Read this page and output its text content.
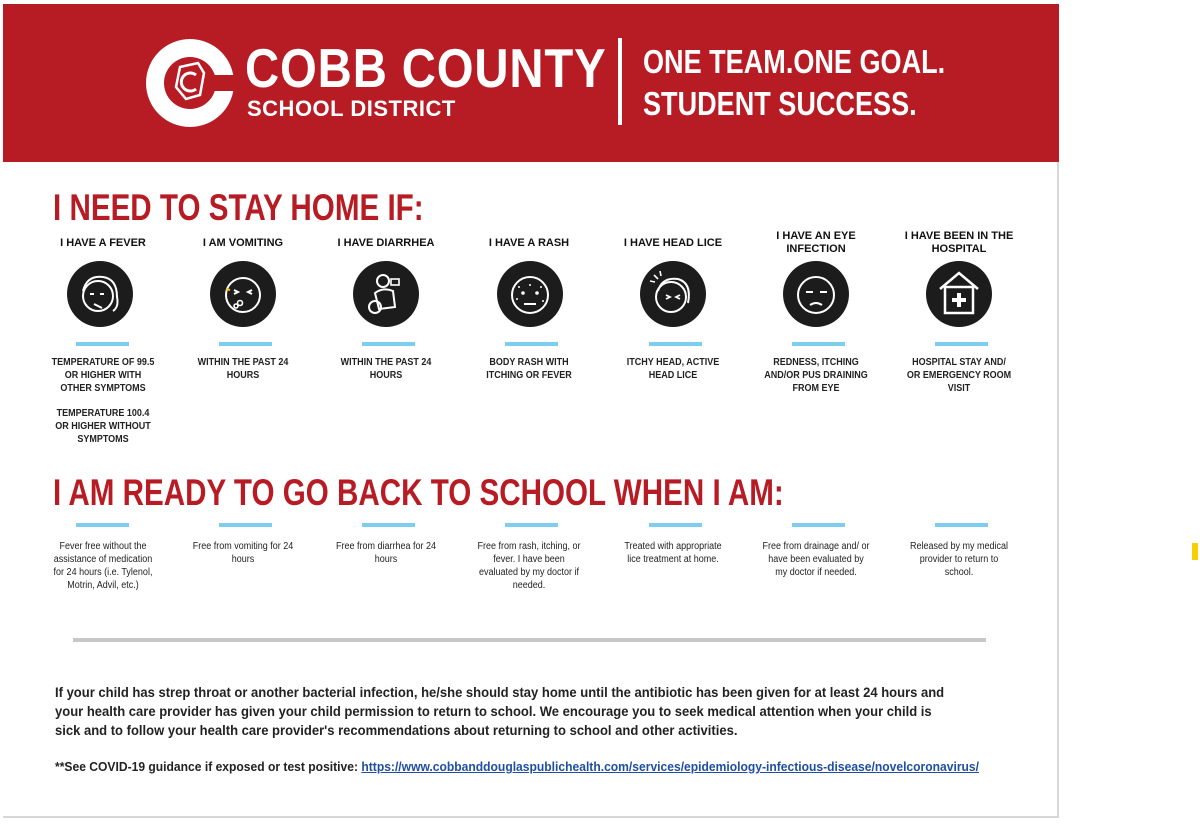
COBB COUNTY
SCHOOL DISTRICT
ONE TEAM.ONE GOAL.
STUDENT SUCCESS.
I NEED TO STAY HOME IF:
I HAVE A FEVER
TEMPERATURE OF 99.5 OR HIGHER WITH OTHER SYMPTOMS
TEMPERATURE 100.4 OR HIGHER WITHOUT SYMPTOMS
I AM VOMITING
WITHIN THE PAST 24 HOURS
I HAVE DIARRHEA
WITHIN THE PAST 24 HOURS
I HAVE A RASH
BODY RASH WITH ITCHING OR FEVER
I HAVE HEAD LICE
ITCHY HEAD, ACTIVE HEAD LICE
I HAVE AN EYE INFECTION
REDNESS, ITCHING AND/OR PUS DRAINING FROM EYE
I HAVE BEEN IN THE HOSPITAL
HOSPITAL STAY AND/ OR EMERGENCY ROOM VISIT
I AM READY TO GO BACK TO SCHOOL WHEN I AM:
Fever free without the assistance of medication for 24 hours (i.e. Tylenol, Motrin, Advil, etc.)
Free from vomiting for 24 hours
Free from diarrhea for 24 hours
Free from rash, itching, or fever. I have been evaluated by my doctor if needed.
Treated with appropriate lice treatment at home.
Free from drainage and/ or have been evaluated by my doctor if needed.
Released by my medical provider to return to school.
If your child has strep throat or another bacterial infection, he/she should stay home until the antibiotic has been given for at least 24 hours and your health care provider has given your child permission to return to school. We encourage you to seek medical attention when your child is sick and to follow your health care provider's recommendations about returning to school and other activities.
**See COVID-19 guidance if exposed or test positive: https://www.cobbanddouglaspublichealth.com/services/epidemiology-infectious-disease/novelcoronavirus/
